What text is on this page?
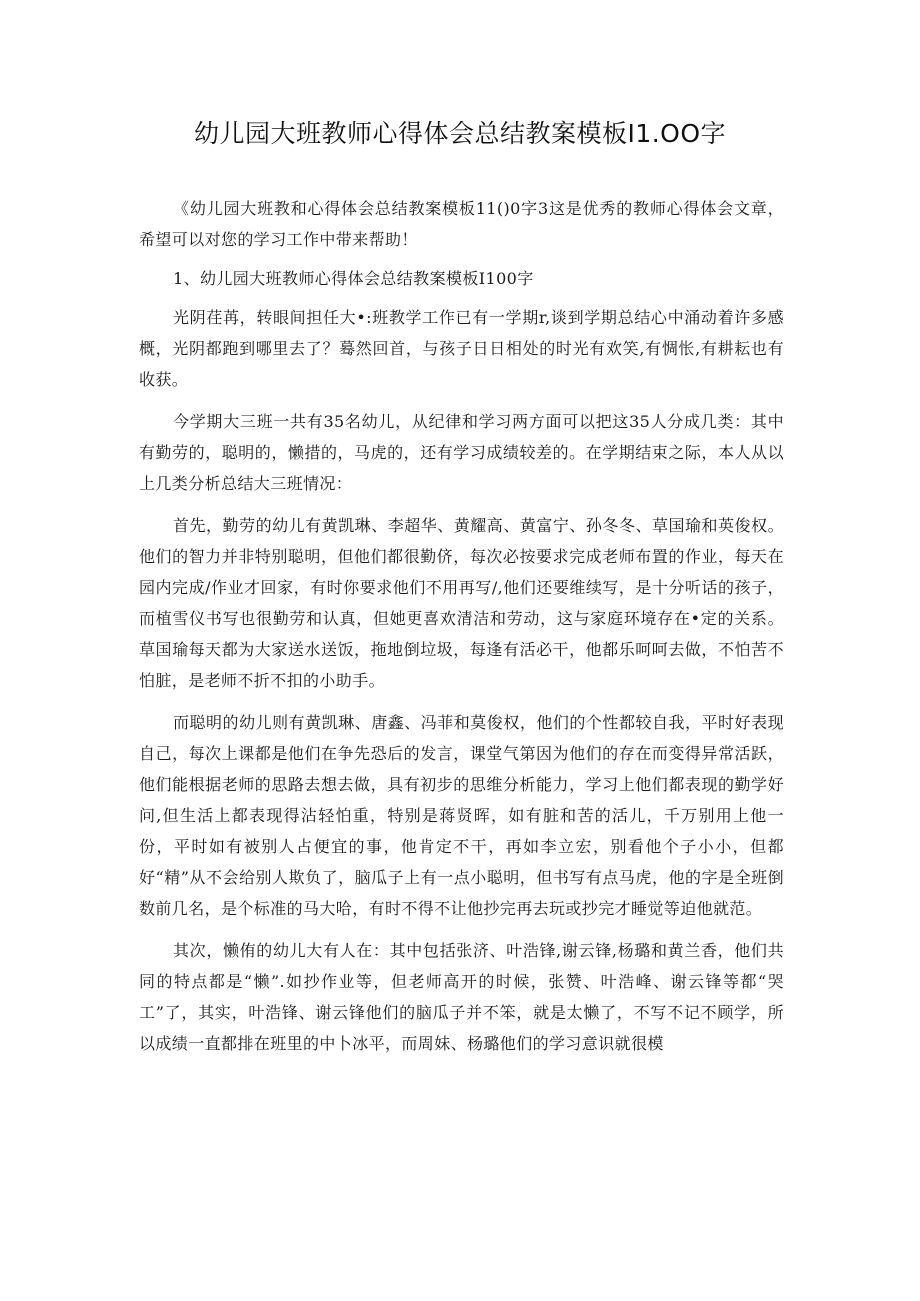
幼儿园大班教师心得体会总结教案模板I1.OO字

《幼儿园大班教和心得体会总结教案模板11()0字3这是优秀的教师心得体会文章，希望可以对您的学习工作中带来帮助！

1、幼儿园大班教师心得体会总结教案模板I100字

光阴荏苒，转眼间担任大•:班教学工作已有一学期r,谈到学期总结心中涌动着许多感概，光阴都跑到哪里去了？蓦然回首，与孩子日日相处的时光有欢笑,有惆怅,有耕耘也有收获。

今学期大三班一共有35名幼儿，从纪律和学习两方面可以把这35人分成几类：其中有勤劳的，聪明的，懒措的，马虎的，还有学习成绩较差的。在学期结束之际，本人从以上几类分析总结大三班情况：

首先，勤劳的幼儿有黄凯琳、李超华、黄耀高、黄富宁、孙冬冬、草国瑜和英俊权。他们的智力并非特别聪明，但他们都很勤侪，每次必按要求完成老师布置的作业，每天在园内完成/作业才回家，有时你要求他们不用再写/,他们还要维续写，是十分听话的孩子，而植雪仪书写也很勤劳和认真，但她更喜欢清洁和劳动，这与家庭环境存在•定的关系。草国瑜每天都为大家送水送饭，拖地倒垃圾，每逢有活必干，他都乐呵呵去做，不怕苦不怕脏，是老师不折不扣的小助手。

而聪明的幼儿则有黄凯琳、唐鑫、冯菲和莫俊权，他们的个性都较自我，平时好表现自己，每次上课都是他们在争先恐后的发言，课堂气第因为他们的存在而变得异常活跃，他们能根据老师的思路去想去做，具有初步的思维分析能力，学习上他们都表现的勤学好问,但生活上都表现得沾轻怕重，特别是蒋贤晖，如有脏和苦的活儿，千万别用上他一份，平时如有被别人占便宜的事，他肯定不干，再如李立宏，别看他个子小小，但都好“精”从不会给别人欺负了，脑瓜子上有一点小聪明，但书写有点马虎，他的字是全班倒数前几名，是个标准的马大哈，有时不得不让他抄完再去玩或抄完才睡觉等迫他就范。

其次，懒侑的幼儿大有人在：其中包括张济、叶浩锋,谢云锋,杨璐和黄兰香，他们共同的特点都是“懒”.如抄作业等，但老师高开的时候，张赞、叶浩峰、谢云锋等都“哭工”了，其实，叶浩锋、谢云锋他们的脑瓜子并不笨，就是太懒了，不写不记不顾学，所以成绩一直都排在班里的中卜冰平，而周妹、杨璐他们的学习意识就很模
